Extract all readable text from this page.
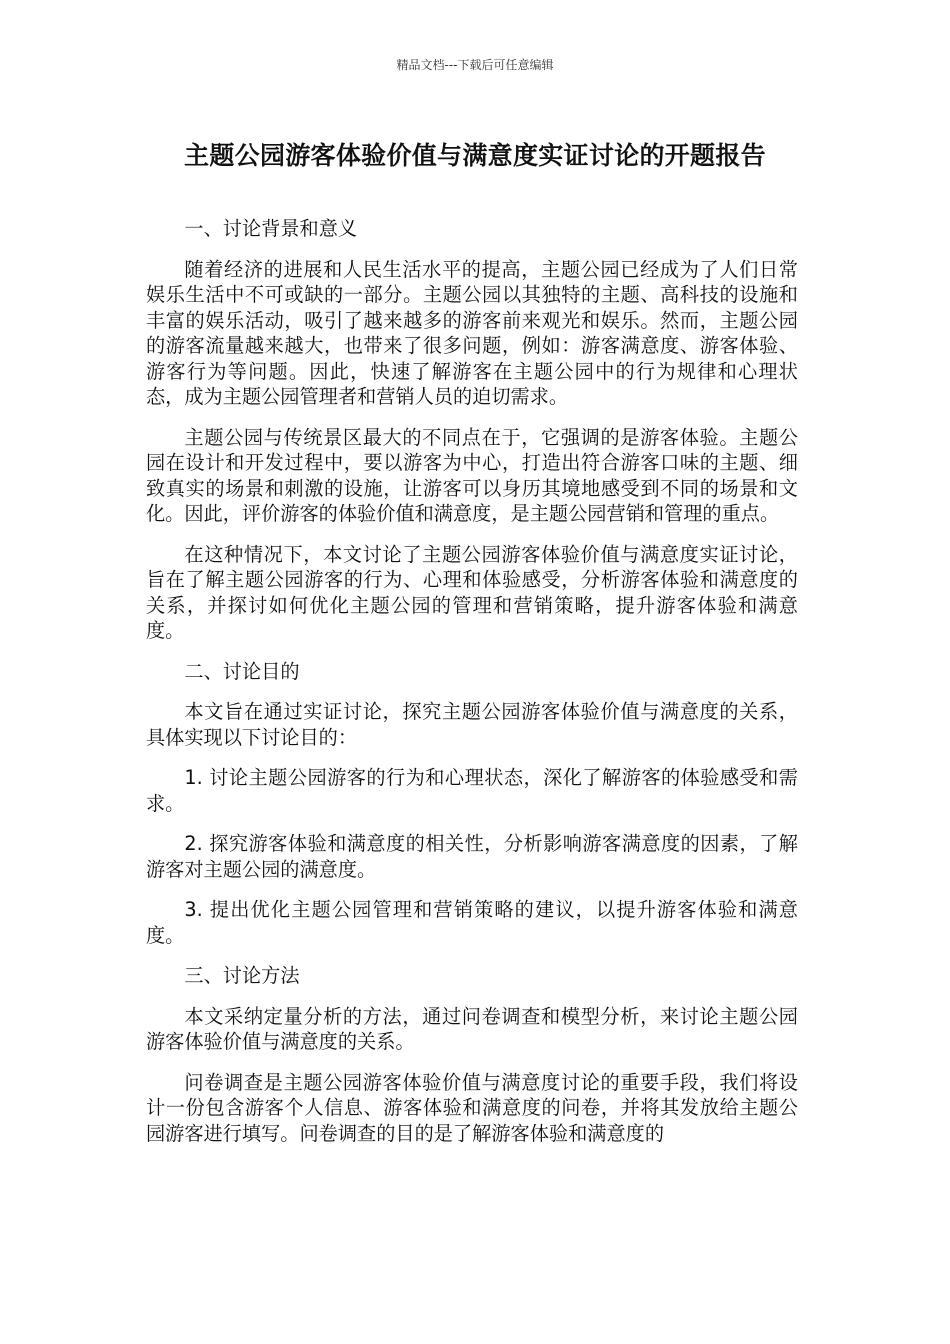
精品文档---下载后可任意编辑
主题公园游客体验价值与满意度实证讨论的开题报告

一、讨论背景和意义

随着经济的进展和人民生活水平的提高，主题公园已经成为了人们日常娱乐生活中不可或缺的一部分。主题公园以其独特的主题、高科技的设施和丰富的娱乐活动，吸引了越来越多的游客前来观光和娱乐。然而，主题公园的游客流量越来越大，也带来了很多问题，例如：游客满意度、游客体验、游客行为等问题。因此，快速了解游客在主题公园中的行为规律和心理状态，成为主题公园管理者和营销人员的迫切需求。

主题公园与传统景区最大的不同点在于，它强调的是游客体验。主题公园在设计和开发过程中，要以游客为中心，打造出符合游客口味的主题、细致真实的场景和刺激的设施，让游客可以身历其境地感受到不同的场景和文化。因此，评价游客的体验价值和满意度，是主题公园营销和管理的重点。

在这种情况下，本文讨论了主题公园游客体验价值与满意度实证讨论，旨在了解主题公园游客的行为、心理和体验感受，分析游客体验和满意度的关系，并探讨如何优化主题公园的管理和营销策略，提升游客体验和满意度。

二、讨论目的

本文旨在通过实证讨论，探究主题公园游客体验价值与满意度的关系，具体实现以下讨论目的：

1. 讨论主题公园游客的行为和心理状态，深化了解游客的体验感受和需求。

2. 探究游客体验和满意度的相关性，分析影响游客满意度的因素，了解游客对主题公园的满意度。

3. 提出优化主题公园管理和营销策略的建议，以提升游客体验和满意度。

三、讨论方法

本文采纳定量分析的方法，通过问卷调查和模型分析，来讨论主题公园游客体验价值与满意度的关系。

问卷调查是主题公园游客体验价值与满意度讨论的重要手段，我们将设计一份包含游客个人信息、游客体验和满意度的问卷，并将其发放给主题公园游客进行填写。问卷调查的目的是了解游客体验和满意度的
